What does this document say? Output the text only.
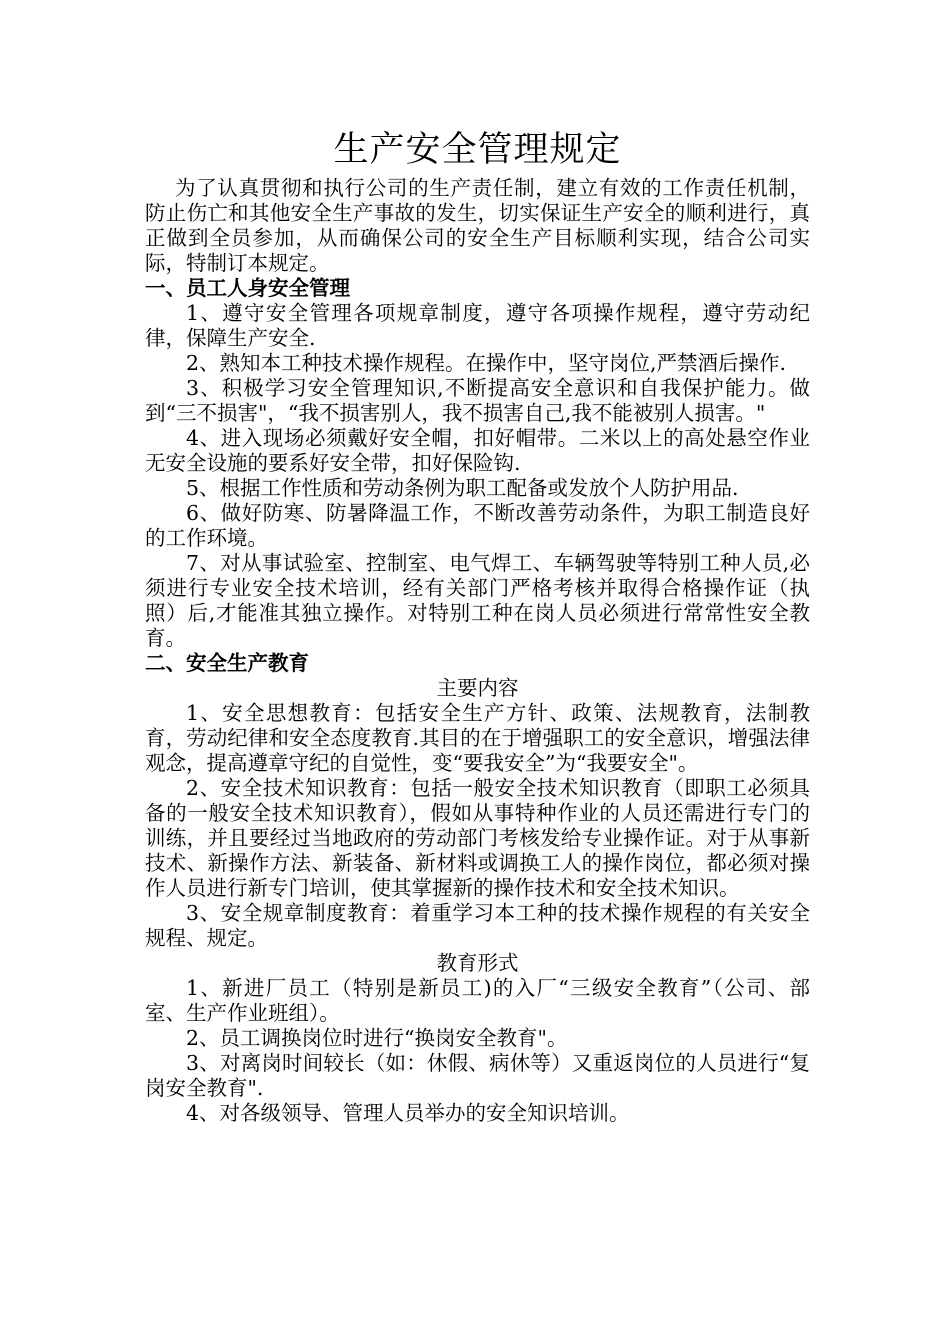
生产安全管理规定

为了认真贯彻和执行公司的生产责任制，建立有效的工作责任机制，防止伤亡和其他安全生产事故的发生，切实保证生产安全的顺利进行，真正做到全员参加，从而确保公司的安全生产目标顺利实现，结合公司实际，特制订本规定。

一、员工人身安全管理

1、遵守安全管理各项规章制度，遵守各项操作规程，遵守劳动纪律，保障生产安全.

2、熟知本工种技术操作规程。在操作中，坚守岗位,严禁酒后操作.

3、积极学习安全管理知识,不断提高安全意识和自我保护能力。做到“三不损害"，“我不损害别人，我不损害自己,我不能被别人损害。"

4、进入现场必须戴好安全帽，扣好帽带。二米以上的高处悬空作业无安全设施的要系好安全带，扣好保险钩.

5、根据工作性质和劳动条例为职工配备或发放个人防护用品.

6、做好防寒、防暑降温工作，不断改善劳动条件，为职工制造良好的工作环境。

7、对从事试验室、控制室、电气焊工、车辆驾驶等特别工种人员,必须进行专业安全技术培训，经有关部门严格考核并取得合格操作证（执照）后,才能准其独立操作。对特别工种在岗人员必须进行常常性安全教育。

二、安全生产教育
主要内容

1、安全思想教育：包括安全生产方针、政策、法规教育，法制教育，劳动纪律和安全态度教育.其目的在于增强职工的安全意识，增强法律观念，提高遵章守纪的自觉性，变“要我安全”为“我要安全"。

2、安全技术知识教育：包括一般安全技术知识教育（即职工必须具备的一般安全技术知识教育），假如从事特种作业的人员还需进行专门的训练，并且要经过当地政府的劳动部门考核发给专业操作证。对于从事新技术、新操作方法、新装备、新材料或调换工人的操作岗位，都必须对操作人员进行新专门培训，使其掌握新的操作技术和安全技术知识。

3、安全规章制度教育：着重学习本工种的技术操作规程的有关安全规程、规定。

教育形式

1、新进厂员工（特别是新员工)的入厂“三级安全教育”（公司、部室、生产作业班组）。

2、员工调换岗位时进行“换岗安全教育"。

3、对离岗时间较长（如：休假、病休等）又重返岗位的人员进行“复岗安全教育".

4、对各级领导、管理人员举办的安全知识培训。
